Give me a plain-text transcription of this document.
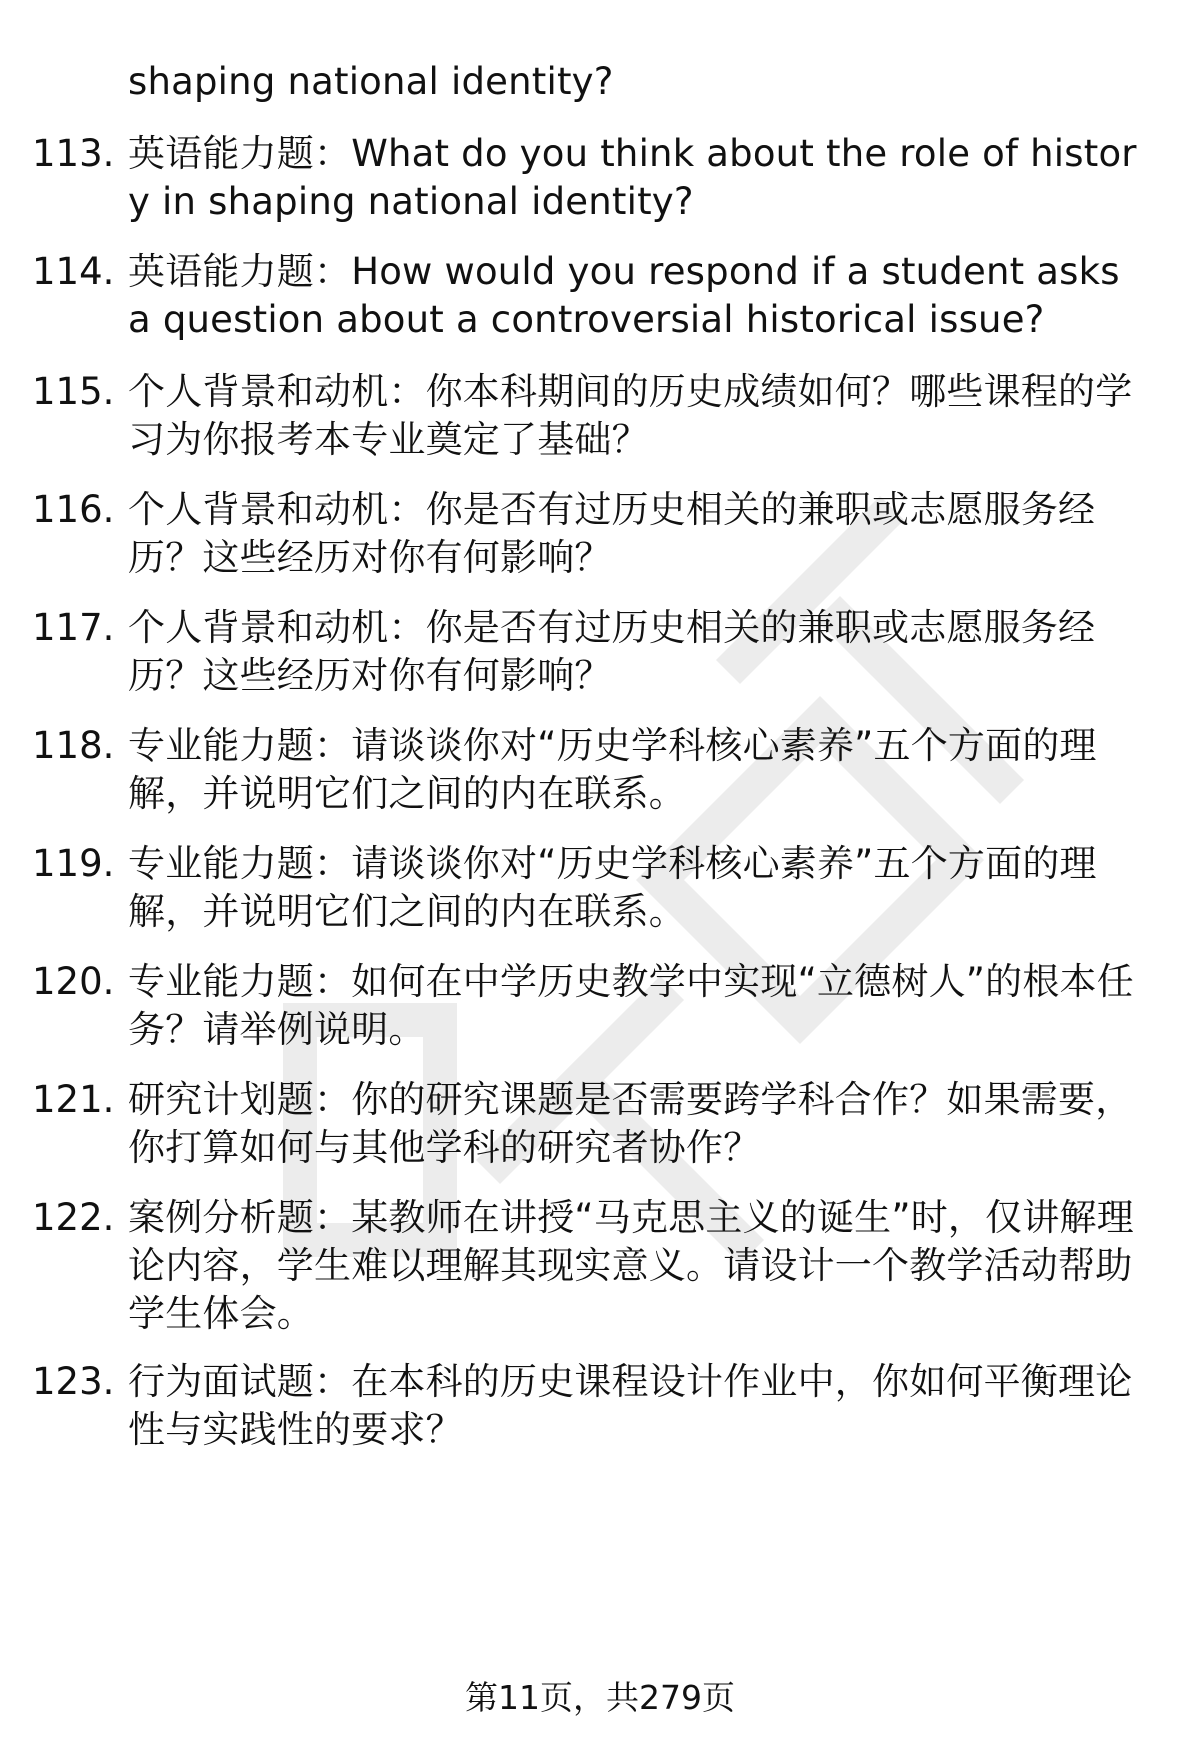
shaping national identity?
113. 英语能力题：What do you think about the role of history in shaping national identity?
114. 英语能力题：How would you respond if a student asks a question about a controversial historical issue?
115. 个人背景和动机：你本科期间的历史成绩如何？哪些课程的学习为你报考本专业奠定了基础？
116. 个人背景和动机：你是否有过历史相关的兼职或志愿服务经历？这些经历对你有何影响？
117. 个人背景和动机：你是否有过历史相关的兼职或志愿服务经历？这些经历对你有何影响？
118. 专业能力题：请谈谈你对“历史学科核心素养”五个方面的理解，并说明它们之间的内在联系。
119. 专业能力题：请谈谈你对“历史学科核心素养”五个方面的理解，并说明它们之间的内在联系。
120. 专业能力题：如何在中学历史教学中实现“立德树人”的根本任务？请举例说明。
121. 研究计划题：你的研究课题是否需要跨学科合作？如果需要，你打算如何与其他学科的研究者协作？
122. 案例分析题：某教师在讲授“马克思主义的诞生”时，仅讲解理论内容，学生难以理解其现实意义。请设计一个教学活动帮助学生体会。
123. 行为面试题：在本科的历史课程设计作业中，你如何平衡理论性与实践性的要求？
第11页，共279页
